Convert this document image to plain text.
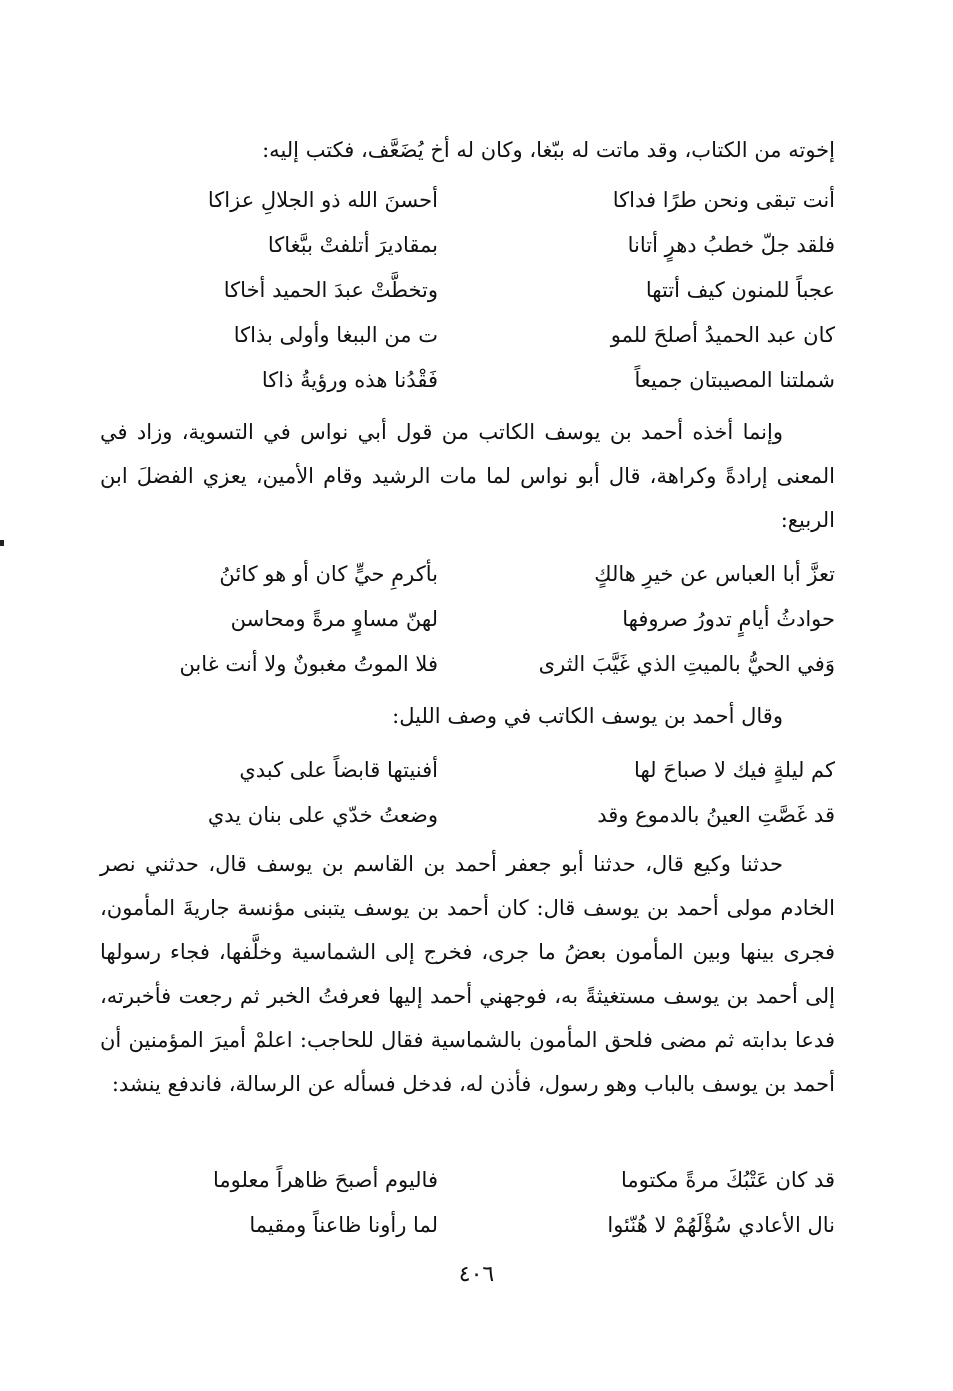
إخوته من الكتاب، وقد ماتت له ببّغا، وكان له أخ يُضَعَّف، فكتب إليه:

أنت تبقى ونحن طرًا فداكا
أحسنَ الله ذو الجلالِ عزاكا
فلقد جلّ خطبُ دهرٍ أتانا
بمقاديرَ أتلفتْ ببَّغاكا
عجباً للمنون كيف أتتها
وتخطَّتْ عبدَ الحميد أخاكا
كان عبد الحميدُ أصلحَ للمو
ت من الببغا وأولى بذاكا
شملتنا المصيبتان جميعاً
فَقْدُنا هذه ورؤيةُ ذاكا

وإنما أخذه أحمد بن يوسف الكاتب من قول أبي نواس في التسوية، وزاد في المعنى إرادةً وكراهة، قال أبو نواس لما مات الرشيد وقام الأمين، يعزي الفضلَ ابن الربيع:

تعزَّ أبا العباس عن خيرِ هالكٍ
بأكرمِ حيٍّ كان أو هو كائنُ
حوادثُ أيامٍ تدورُ صروفها
لهنّ مساوٍ مرةً ومحاسن
وَفي الحيُّ بالميتِ الذي غَيَّبَ الثرى
فلا الموتُ مغبونٌ ولا أنت غابن

وقال أحمد بن يوسف الكاتب في وصف الليل:

كم ليلةٍ فيك لا صباحَ لها
أفنيتها قابضاً على كبدي
قد غَصَّتِ العينُ بالدموع وقد
وضعتُ خدّي على بنان يدي

حدثنا وكيع قال، حدثنا أبو جعفر أحمد بن القاسم بن يوسف قال، حدثني نصر الخادم مولى أحمد بن يوسف قال: كان أحمد بن يوسف يتبنى مؤنسة جاريةَ المأمون، فجرى بينها وبين المأمون بعضُ ما جرى، فخرج إلى الشماسية وخلَّفها، فجاء رسولها إلى أحمد بن يوسف مستغيثةً به، فوجهني أحمد إليها فعرفتُ الخبر ثم رجعت فأخبرته، فدعا بدابته ثم مضى فلحق المأمون بالشماسية فقال للحاجب: اعلمْ أميرَ المؤمنين أن أحمد بن يوسف بالباب وهو رسول، فأذن له، فدخل فسأله عن الرسالة، فاندفع ينشد:

قد كان عَتْبُكَ مرةً مكتوما
فاليوم أصبحَ ظاهراً معلوما
نال الأعادي سُؤْلَهُمْ لا هُنّئوا
لما رأونا ظاعناً ومقيما
٤٠٦
